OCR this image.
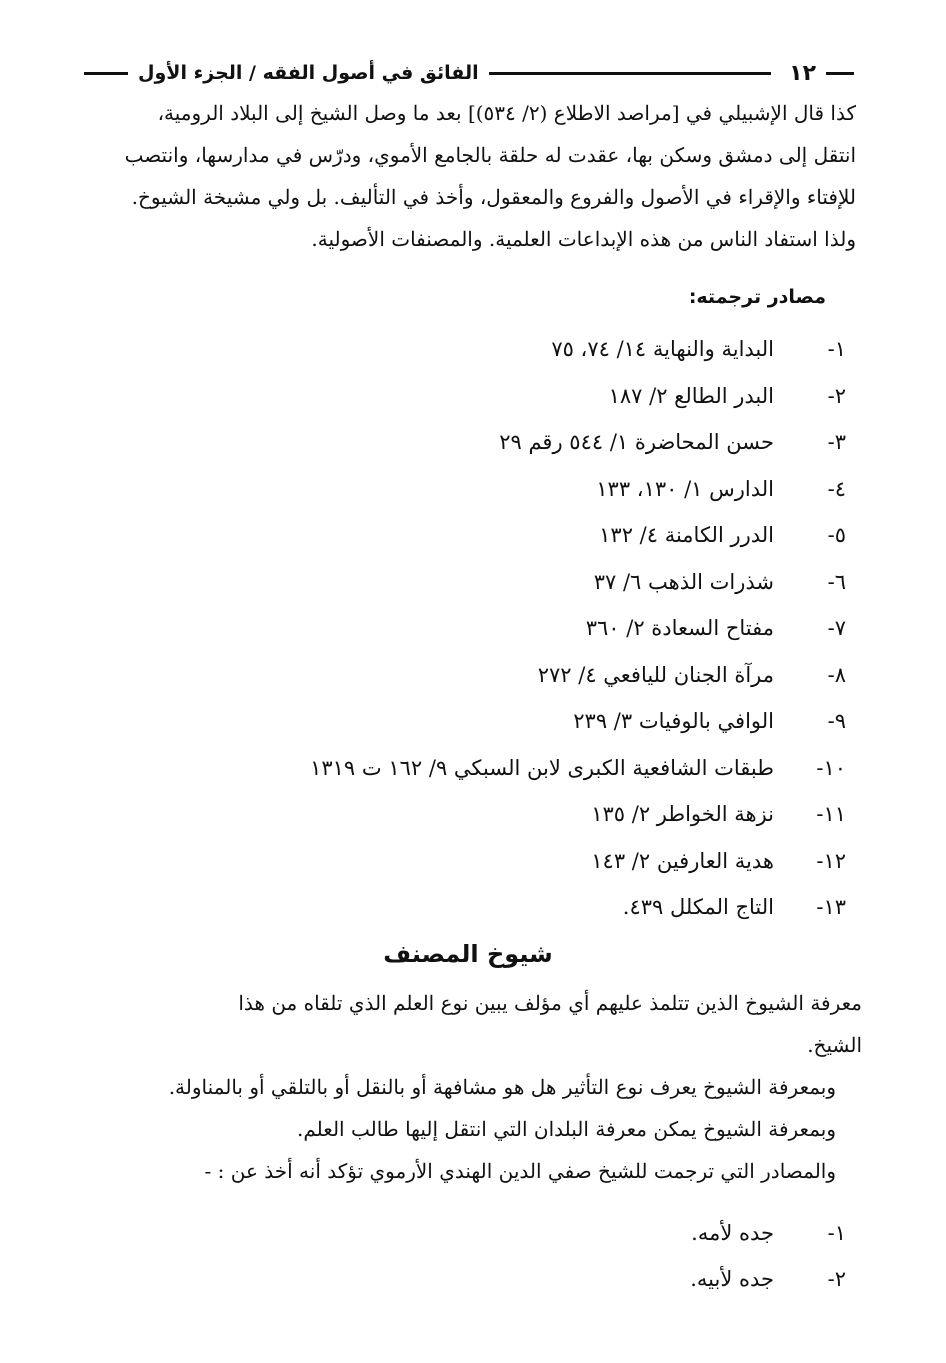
١٢
الفائق في أصول الفقه / الجزء الأول
كذا قال الإشبيلي في [مراصد الاطلاع (٢/ ٥٣٤)] بعد ما وصل الشيخ إلى البلاد الرومية،
انتقل إلى دمشق وسكن بها، عقدت له حلقة بالجامع الأموي، ودرّس في مدارسها، وانتصب
للإفتاء والإقراء في الأصول والفروع والمعقول، وأخذ في التأليف. بل ولي مشيخة الشيوخ.
ولذا استفاد الناس من هذه الإبداعات العلمية. والمصنفات الأصولية.
مصادر ترجمته:
١-
البداية والنهاية ١٤/ ٧٤، ٧٥
٢-
البدر الطالع ٢/ ١٨٧
٣-
حسن المحاضرة ١/ ٥٤٤ رقم ٢٩
٤-
الدارس ١/ ١٣٠، ١٣٣
٥-
الدرر الكامنة ٤/ ١٣٢
٦-
شذرات الذهب ٦/ ٣٧
٧-
مفتاح السعادة ٢/ ٣٦٠
٨-
مرآة الجنان لليافعي ٤/ ٢٧٢
٩-
الوافي بالوفيات ٣/ ٢٣٩
١٠-
طبقات الشافعية الكبرى لابن السبكي ٩/ ١٦٢ ت ١٣١٩
١١-
نزهة الخواطر ٢/ ١٣٥
١٢-
هدية العارفين ٢/ ١٤٣
١٣-
التاج المكلل ٤٣٩.
شيوخ المصنف
معرفة الشيوخ الذين تتلمذ عليهم أي مؤلف يبين نوع العلم الذي تلقاه من هذا
الشيخ.
وبمعرفة الشيوخ يعرف نوع التأثير هل هو مشافهة أو بالنقل أو بالتلقي أو بالمناولة.
وبمعرفة الشيوخ يمكن معرفة البلدان التي انتقل إليها طالب العلم.
والمصادر التي ترجمت للشيخ صفي الدين الهندي الأرموي تؤكد أنه أخذ عن : -
١-
جده لأمه.
٢-
جده لأبيه.
